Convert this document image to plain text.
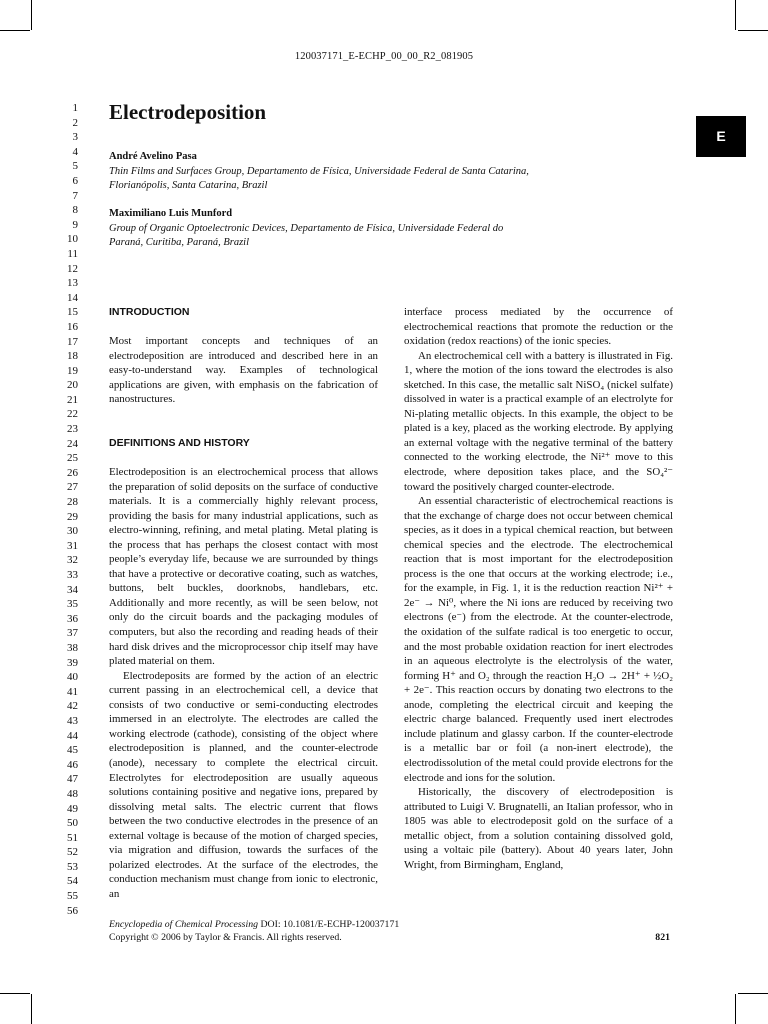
120037171_E-ECHP_00_00_R2_081905
E
1
2
3
4
5
6
7
8
9
10
11
12
13
14
15
16
17
18
19
20
21
22
23
24
25
26
27
28
29
30
31
32
33
34
35
36
37
38
39
40
41
42
43
44
45
46
47
48
49
50
51
52
53
54
55
56
Electrodeposition
André Avelino Pasa
Thin Films and Surfaces Group, Departamento de Física, Universidade Federal de Santa Catarina, Florianópolis, Santa Catarina, Brazil
Maximiliano Luis Munford
Group of Organic Optoelectronic Devices, Departamento de Física, Universidade Federal do Paraná, Curitiba, Paraná, Brazil
INTRODUCTION

Most important concepts and techniques of an electrodeposition are introduced and described here in an easy-to-understand way. Examples of technological applications are given, with emphasis on the fabrication of nanostructures.

DEFINITIONS AND HISTORY

Electrodeposition is an electrochemical process that allows the preparation of solid deposits on the surface of conductive materials. It is a commercially highly relevant process, providing the basis for many industrial applications, such as electro-winning, refining, and metal plating. Metal plating is the process that has perhaps the closest contact with most people’s everyday life, because we are surrounded by things that have a protective or decorative coating, such as watches, buttons, belt buckles, doorknobs, handlebars, etc. Additionally and more recently, as will be seen below, not only do the circuit boards and the packaging modules of computers, but also the recording and reading heads of their hard disk drives and the microprocessor chip itself may have plated material on them.

Electrodeposits are formed by the action of an electric current passing in an electrochemical cell, a device that consists of two conductive or semi-conducting electrodes immersed in an electrolyte. The electrodes are called the working electrode (cathode), consisting of the object where electrodeposition is planned, and the counter-electrode (anode), necessary to complete the electrical circuit. Electrolytes for electrodeposition are usually aqueous solutions containing positive and negative ions, prepared by dissolving metal salts. The electric current that flows between the two conductive electrodes in the presence of an external voltage is because of the motion of charged species, via migration and diffusion, towards the surfaces of the polarized electrodes. At the surface of the electrodes, the conduction mechanism must change from ionic to electronic, an

interface process mediated by the occurrence of electrochemical reactions that promote the reduction or the oxidation (redox reactions) of the ionic species.

An electrochemical cell with a battery is illustrated in Fig. 1, where the motion of the ions toward the electrodes is also sketched. In this case, the metallic salt NiSO₄ (nickel sulfate) dissolved in water is a practical example of an electrolyte for Ni-plating metallic objects. In this example, the object to be plated is a key, placed as the working electrode. By applying an external voltage with the negative terminal of the battery connected to the working electrode, the Ni²⁺ move to this electrode, where deposition takes place, and the SO₄²⁻ toward the positively charged counter-electrode.

An essential characteristic of electrochemical reactions is that the exchange of charge does not occur between chemical species, as it does in a typical chemical reaction, but between chemical species and the electrode. The electrochemical reaction that is most important for the electrodeposition process is the one that occurs at the working electrode; i.e., for the example, in Fig. 1, it is the reduction reaction Ni²⁺ + 2e⁻ → Ni⁰, where the Ni ions are reduced by receiving two electrons (e⁻) from the electrode. At the counter-electrode, the oxidation of the sulfate radical is too energetic to occur, and the most probable oxidation reaction for inert electrodes in an aqueous electrolyte is the electrolysis of the water, forming H⁺ and O₂ through the reaction H₂O → 2H⁺ + ½O₂ + 2e⁻. This reaction occurs by donating two electrons to the anode, completing the electrical circuit and keeping the electric charge balanced. Frequently used inert electrodes include platinum and glassy carbon. If the counter-electrode is a metallic bar or foil (a non-inert electrode), the electrodissolution of the metal could provide electrons for the electrode and ions for the solution.

Historically, the discovery of electrodeposition is attributed to Luigi V. Brugnatelli, an Italian professor, who in 1805 was able to electrodeposit gold on the surface of a metallic object, from a solution containing dissolved gold, using a voltaic pile (battery). About 40 years later, John Wright, from Birmingham, England,

Encyclopedia of Chemical Processing DOI: 10.1081/E-ECHP-120037171
Copyright © 2006 by Taylor & Francis. All rights reserved.	821
